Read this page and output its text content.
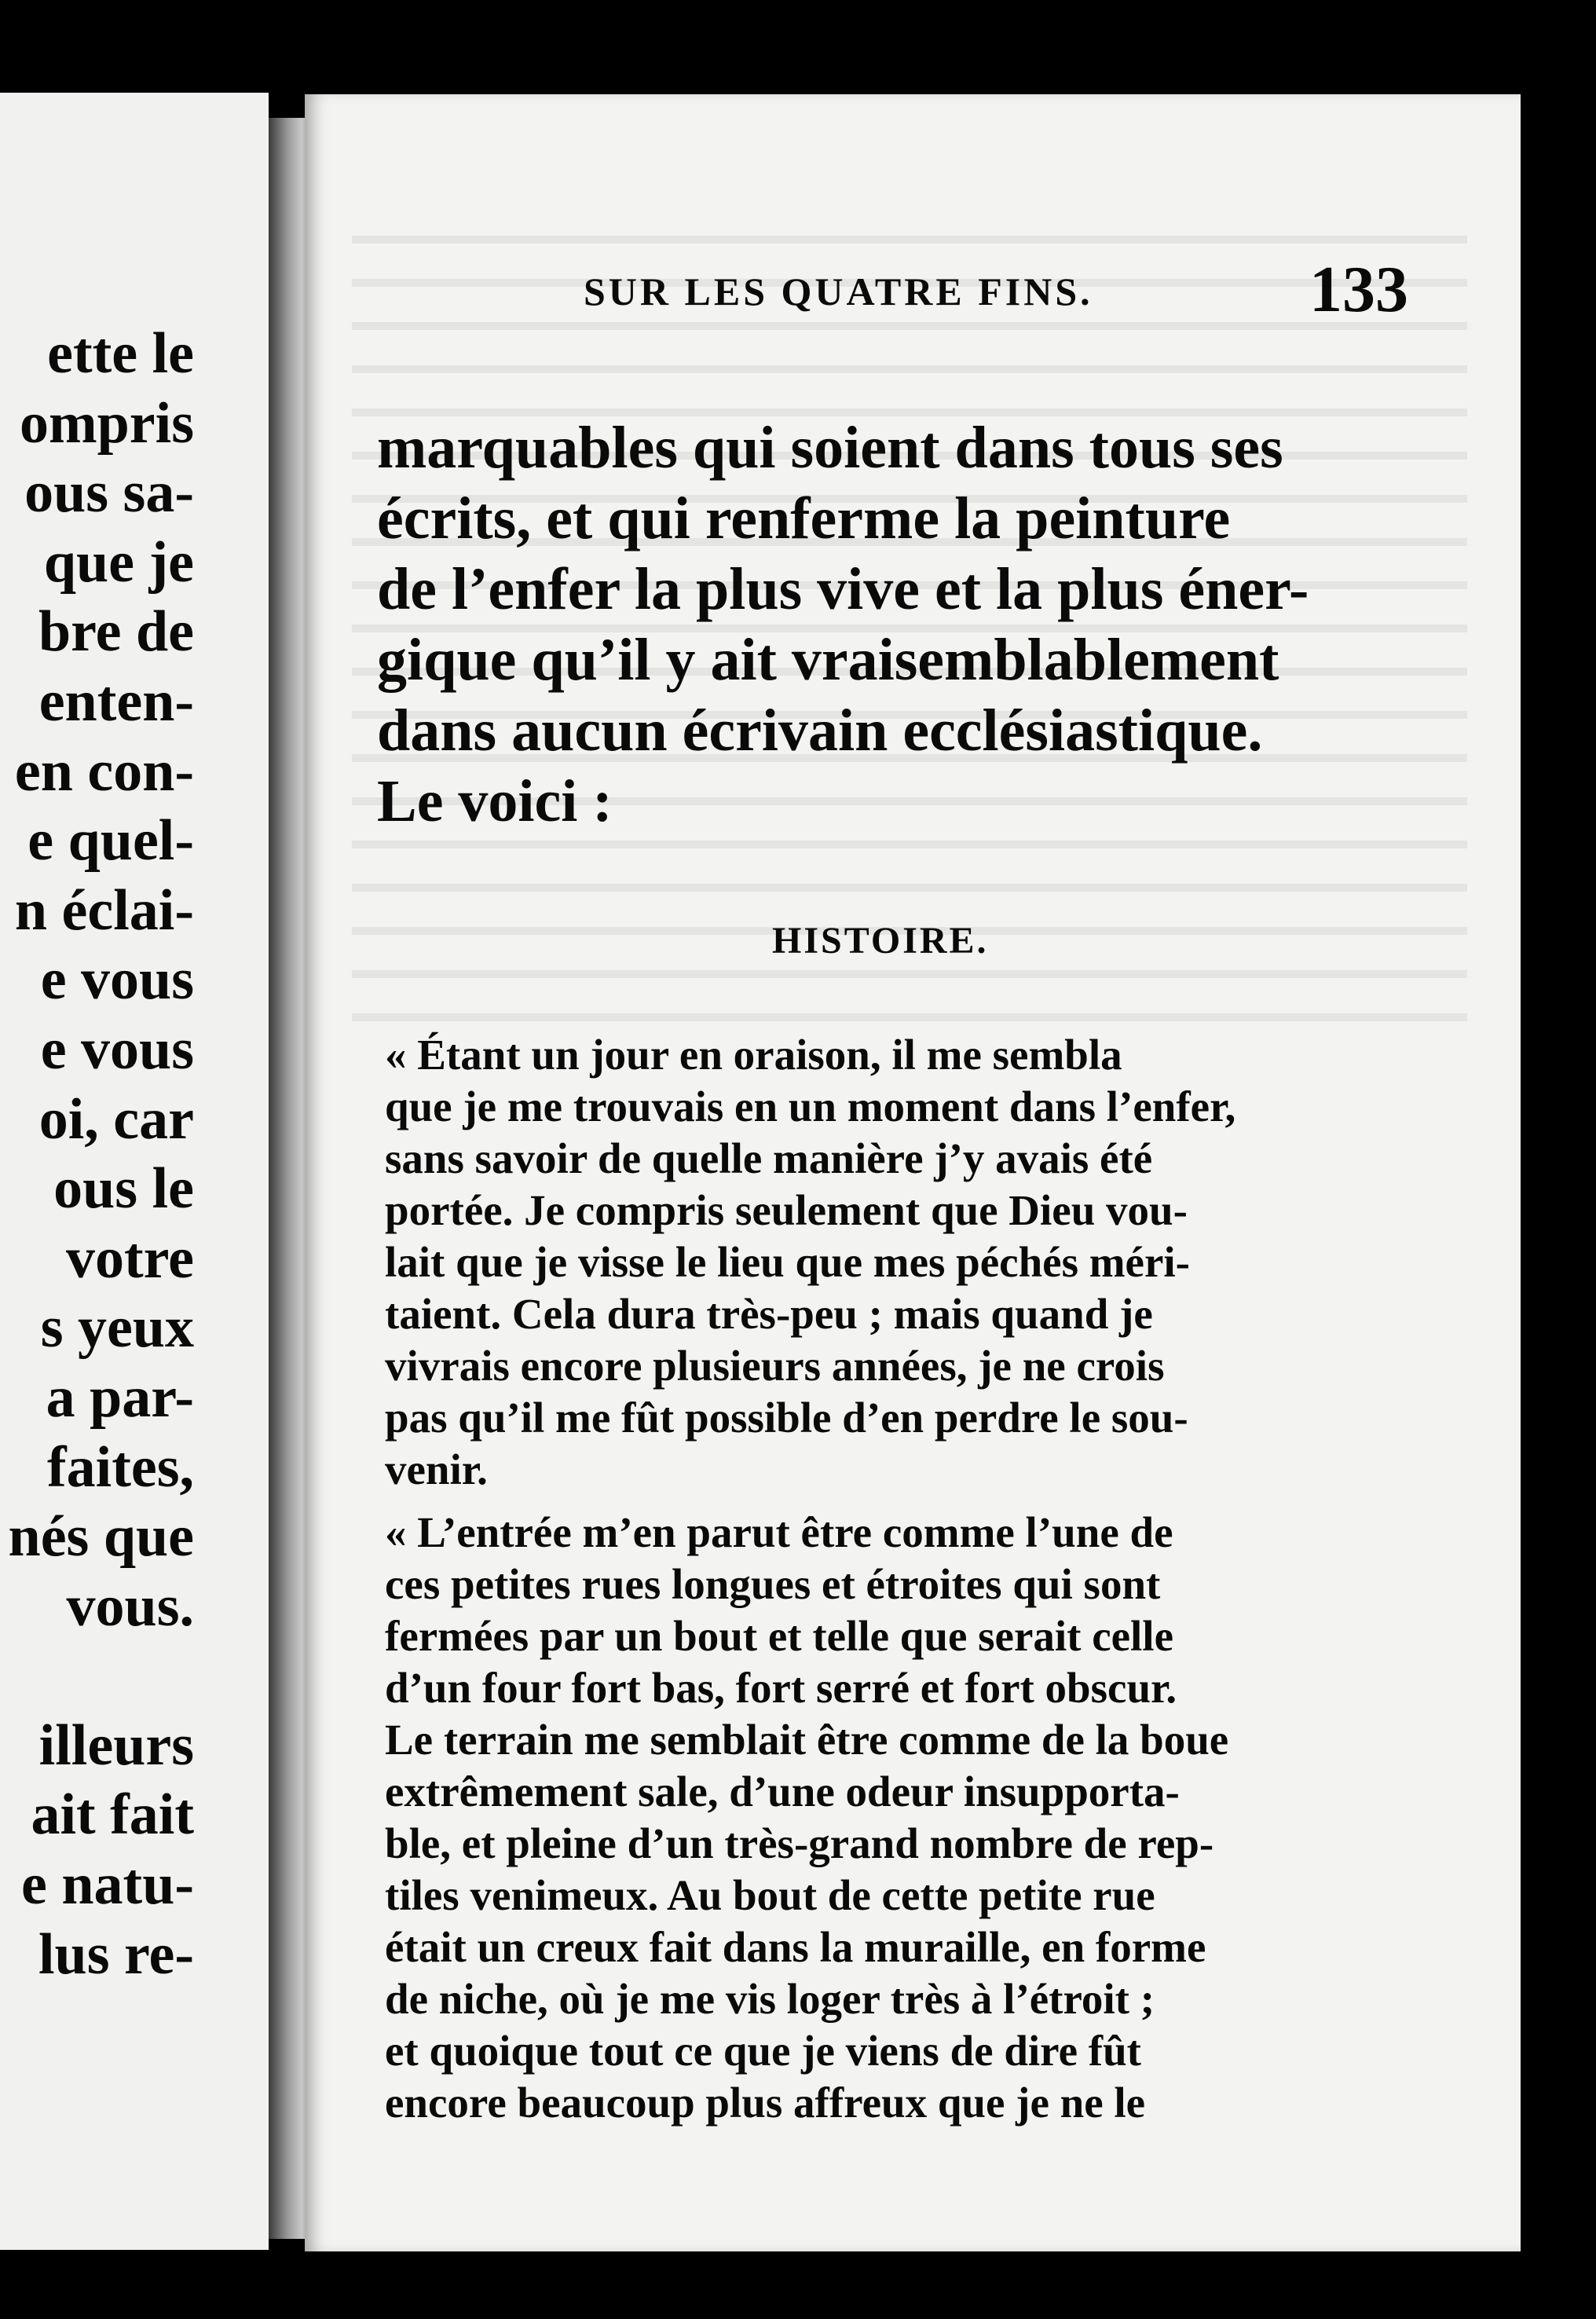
ette le
ompris
ous sa-
que je
bre de
enten-
en con-
e quel-
n éclai-
e vous
e vous
oi, car
ous le
votre
s yeux
a par-
faites,
nés que
vous.
illeurs
ait fait
e natu-
lus re-
SUR LES QUATRE FINS.	133
marquables qui soient dans tous ses
écrits, et qui renferme la peinture
de l’enfer la plus vive et la plus éner-
gique qu’il y ait vraisemblablement
dans aucun écrivain ecclésiastique.
Le voici :
HISTOIRE.
« Étant un jour en oraison, il me sembla
que je me trouvais en un moment dans l’enfer,
sans savoir de quelle manière j’y avais été
portée. Je compris seulement que Dieu vou-
lait que je visse le lieu que mes péchés méri-
taient. Cela dura très-peu ; mais quand je
vivrais encore plusieurs années, je ne crois
pas qu’il me fût possible d’en perdre le sou-
venir.
« L’entrée m’en parut être comme l’une de
ces petites rues longues et étroites qui sont
fermées par un bout et telle que serait celle
d’un four fort bas, fort serré et fort obscur.
Le terrain me semblait être comme de la boue
extrêmement sale, d’une odeur insupporta-
ble, et pleine d’un très-grand nombre de rep-
tiles venimeux. Au bout de cette petite rue
était un creux fait dans la muraille, en forme
de niche, où je me vis loger très à l’étroit ;
et quoique tout ce que je viens de dire fût
encore beaucoup plus affreux que je ne le
